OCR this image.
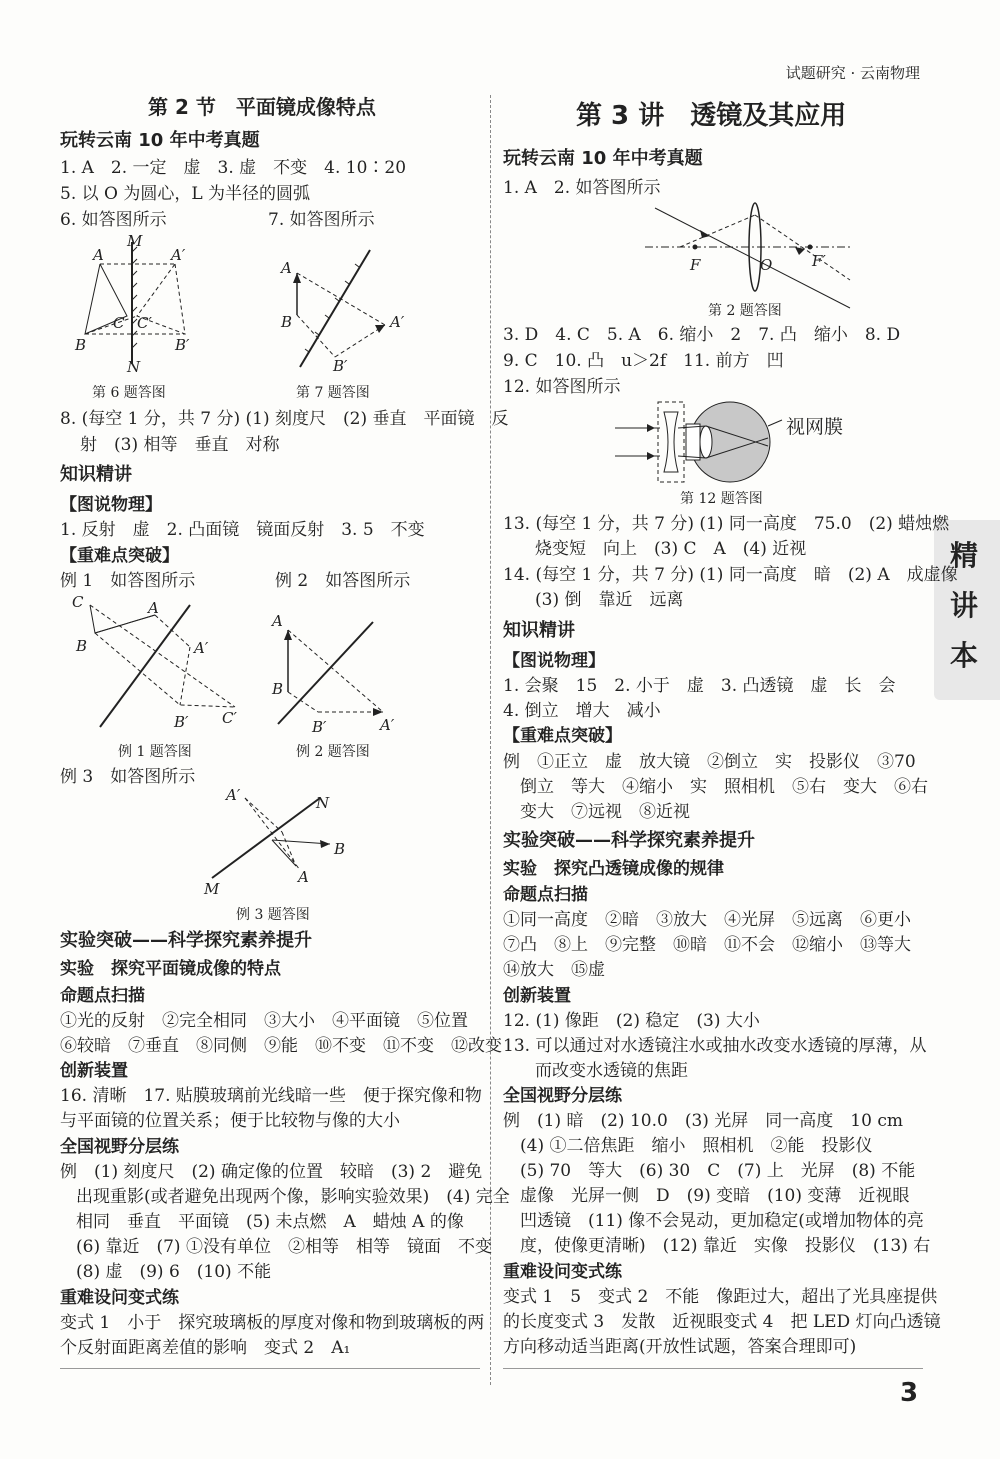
试题研究 · 云南物理
精
讲
本
第 2 节　平面镜成像特点
玩转云南 10 年中考真题
1. A　2. 一定　虚　3. 虚　不变　4. 10∶20
5. 以 O 为圆心，L 为半径的圆弧
6. 如答图所示	7. 如答图所示
M
A	A′
C C′
B	B′
N
第 6 题答图
A
B	A′
B′
第 7 题答图
8. (每空 1 分，共 7 分) (1) 刻度尺　(2) 垂直　平面镜　反
射　(3) 相等　垂直　对称
知识精讲
【图说物理】
1. 反射　虚　2. 凸面镜　镜面反射　3. 5　不变
【重难点突破】
例 1　如答图所示	例 2　如答图所示
C	A
B	A′
B′ C′
例 1 题答图
A
B
B′	A′
例 2 题答图
例 3　如答图所示
A′	N
B
A
M
例 3 题答图
实验突破——科学探究素养提升
实验　探究平面镜成像的特点
命题点扫描
①光的反射　②完全相同　③大小　④平面镜　⑤位置
⑥较暗　⑦垂直　⑧同侧　⑨能　⑩不变　⑪不变　⑫改变
创新装置
16. 清晰　17. 贴膜玻璃前光线暗一些　便于探究像和物
与平面镜的位置关系；便于比较物与像的大小
全国视野分层练
例　(1) 刻度尺　(2) 确定像的位置　较暗　(3) 2　避免
出现重影(或者避免出现两个像，影响实验效果)　(4) 完全
相同　垂直　平面镜　(5) 未点燃　A　蜡烛 A 的像
(6) 靠近　(7) ①没有单位　②相等　相等　镜面　不变
(8) 虚　(9) 6　(10) 不能
重难设问变式练
变式 1　小于　探究玻璃板的厚度对像和物到玻璃板的两
个反射面距离差值的影响　变式 2　A₁
第 3 讲　透镜及其应用
玩转云南 10 年中考真题
1. A　2. 如答图所示
F	O	F′
第 2 题答图
3. D　4. C　5. A　6. 缩小　2　7. 凸　缩小　8. D
9. C　10. 凸　u＞2f　11. 前方　凹
12. 如答图所示
视网膜
第 12 题答图
13. (每空 1 分，共 7 分) (1) 同一高度　75.0　(2) 蜡烛燃
烧变短　向上　(3) C　A　(4) 近视
14. (每空 1 分，共 7 分) (1) 同一高度　暗　(2) A　成虚像
(3) 倒　靠近　远离
知识精讲
【图说物理】
1. 会聚　15　2. 小于　虚　3. 凸透镜　虚　长　会
4. 倒立　增大　减小
【重难点突破】
例　①正立　虚　放大镜　②倒立　实　投影仪　③70
倒立　等大　④缩小　实　照相机　⑤右　变大　⑥右
变大　⑦远视　⑧近视
实验突破——科学探究素养提升
实验　探究凸透镜成像的规律
命题点扫描
①同一高度　②暗　③放大　④光屏　⑤远离　⑥更小
⑦凸　⑧上　⑨完整　⑩暗　⑪不会　⑫缩小　⑬等大
⑭放大　⑮虚
创新装置
12. (1) 像距　(2) 稳定　(3) 大小
13. 可以通过对水透镜注水或抽水改变水透镜的厚薄，从
而改变水透镜的焦距
全国视野分层练
例　(1) 暗　(2) 10.0　(3) 光屏　同一高度　10 cm
(4) ①二倍焦距　缩小　照相机　②能　投影仪
(5) 70　等大　(6) 30　C　(7) 上　光屏　(8) 不能
虚像　光屏一侧　D　(9) 变暗　(10) 变薄　近视眼
凹透镜　(11) 像不会晃动，更加稳定(或增加物体的亮
度，使像更清晰)　(12) 靠近　实像　投影仪　(13) 右
重难设问变式练
变式 1　5　变式 2　不能　像距过大，超出了光具座提供
的长度变式 3　发散　近视眼变式 4　把 LED 灯向凸透镜
方向移动适当距离(开放性试题，答案合理即可)
3
